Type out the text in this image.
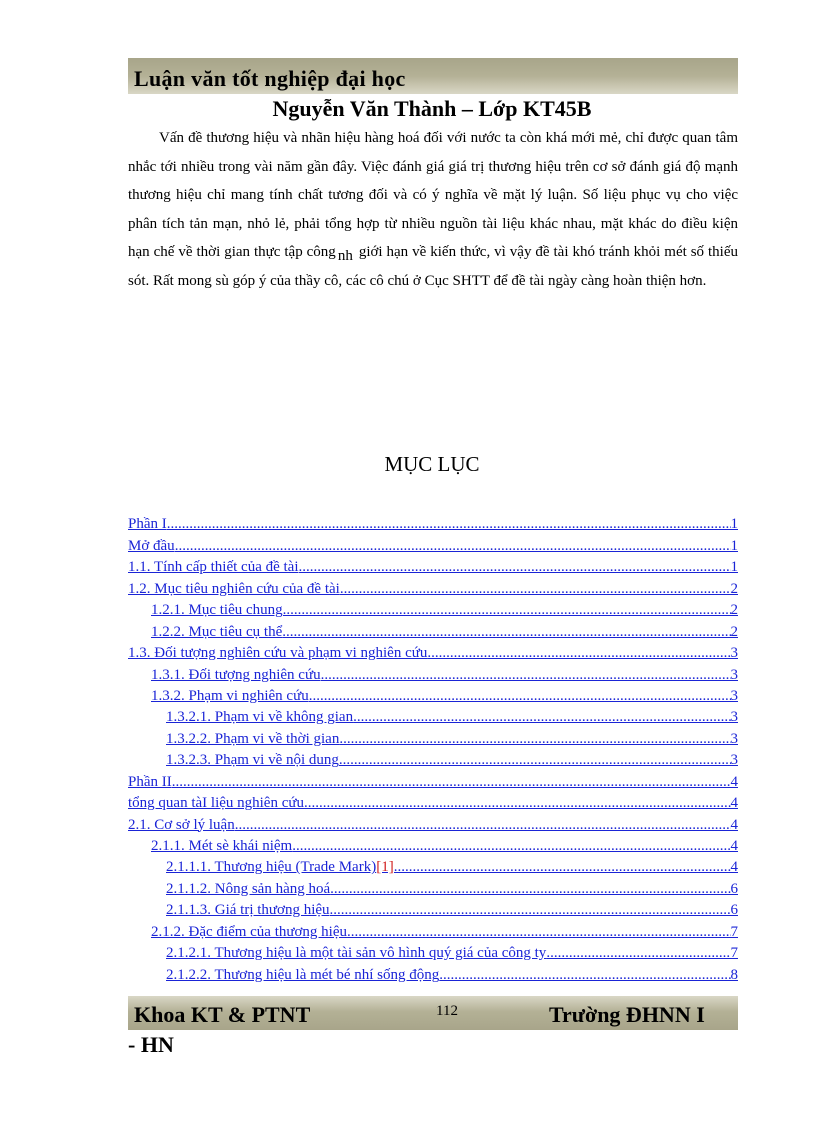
Luận văn tốt nghiệp đại học
Nguyễn Văn Thành – Lớp KT45B

Vấn đề thương hiệu và nhãn hiệu hàng hoá đối với nước ta còn khá mới mẻ, chỉ được quan tâm nhắc tới nhiều trong vài năm gần đây. Việc đánh giá giá trị thương hiệu trên cơ sở đánh giá độ mạnh thương hiệu chỉ mang tính chất tương đối và có ý nghĩa về mặt lý luận. Số liệu phục vụ cho việc phân tích tản mạn, nhỏ lẻ, phải tổng hợp từ nhiều nguồn tài liệu khác nhau, mặt khác do điều kiện hạn chế về thời gian thực tập công nh giới hạn về kiến thức, vì vậy đề tài khó tránh khỏi mét số thiếu sót. Rất mong sù góp ý của thầy cô, các cô chú ở Cục SHTT để đề tài ngày càng hoàn thiện hơn.

MỤC LỤC
Phần I .....	1
Mở đầu .....	1
1.1. Tính cấp thiết của đề tài .....	1
1.2. Mục tiêu nghiên cứu của đề tài .....	2
1.2.1. Mục tiêu chung .....	2
1.2.2. Mục tiêu cụ thể .....	2
1.3. Đối tượng nghiên cứu và phạm vi nghiên cứu .....	3
1.3.1. Đối tượng nghiên cứu .....	3
1.3.2. Phạm vi nghiên cứu .....	3
1.3.2.1. Phạm vi về không gian .....	3
1.3.2.2. Phạm vi về thời gian .....	3
1.3.2.3. Phạm vi về nội dung .....	3
Phần II .....	4
tổng quan tàI liệu nghiên cứu .....	4
2.1. Cơ sở lý luận .....	4
2.1.1. Mét sè khái niệm .....	4
2.1.1.1. Thương hiệu (Trade Mark) [1] .....	4
2.1.1.2. Nông sản hàng hoá .....	6
2.1.1.3. Giá trị thương hiệu .....	6
2.1.2. Đặc điểm của thương hiệu .....	7
2.1.2.1. Thương hiệu là một tài sản vô hình quý giá của công ty .....	7
2.1.2.2. Thương hiệu là mét bé nhí sống động .....	8
Khoa KT & PTNT	112	Trường ĐHNN I
- HN
